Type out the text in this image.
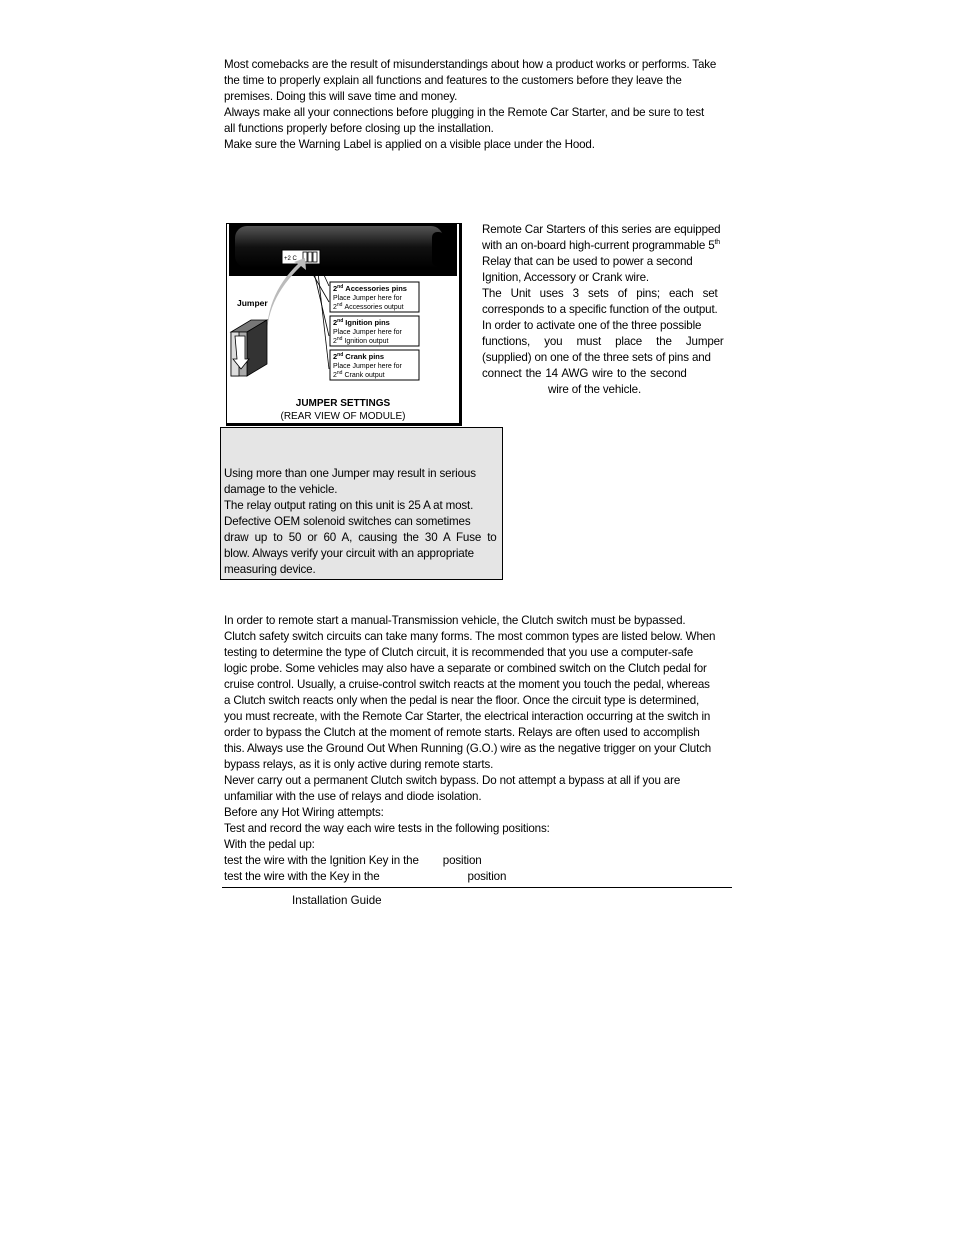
Most comebacks are the result of misunderstandings about how a product works or performs. Take
the time to properly explain all functions and features to the customers before they leave the
premises. Doing this will save time and money.
Always make all your connections before plugging in the Remote Car Starter, and be sure to test
all functions properly before closing up the installation.
Make sure the Warning Label is applied on a visible place under the Hood.
+2 C
Jumper
2nd Accessories pins
Place Jumper here for
2nd Accessories output
2nd Ignition pins
Place Jumper here for
2nd Ignition output
2nd Crank pins
Place Jumper here for
2nd Crank output
JUMPER SETTINGS
(REAR VIEW OF MODULE)
Remote Car Starters of this series are equipped
with an on-board high-current programmable 5th
Relay that can be used to power a second
Ignition, Accessory or Crank wire.
The Unit uses 3 sets of pins; each set
corresponds to a specific function of the output.
In order to activate one of the three possible
functions, you must place the Jumper
(supplied) on one of the three sets of pins and
connect the 14 AWG wire to the second
wire of the vehicle.
Using more than one Jumper may result in serious
damage to the vehicle.
The relay output rating on this unit is 25 A at most.
Defective OEM solenoid switches can sometimes
draw up to 50 or 60 A, causing the 30 A Fuse to
blow. Always verify your circuit with an appropriate
measuring device.
In order to remote start a manual-Transmission vehicle, the Clutch switch must be bypassed.
Clutch safety switch circuits can take many forms. The most common types are listed below. When
testing to determine the type of Clutch circuit, it is recommended that you use a computer-safe
logic probe. Some vehicles may also have a separate or combined switch on the Clutch pedal for
cruise control. Usually, a cruise-control switch reacts at the moment you touch the pedal, whereas
a Clutch switch reacts only when the pedal is near the floor. Once the circuit type is determined,
you must recreate, with the Remote Car Starter, the electrical interaction occurring at the switch in
order to bypass the Clutch at the moment of remote starts. Relays are often used to accomplish
this. Always use the Ground Out When Running (G.O.) wire as the negative trigger on your Clutch
bypass relays, as it is only active during remote starts.
Never carry out a permanent Clutch switch bypass. Do not attempt a bypass at all if you are
unfamiliar with the use of relays and diode isolation.
Before any Hot Wiring attempts:
Test and record the way each wire tests in the following positions:
With the pedal up:
test the wire with the Ignition Key in the position
test the wire with the Key in the	position
Installation Guide
